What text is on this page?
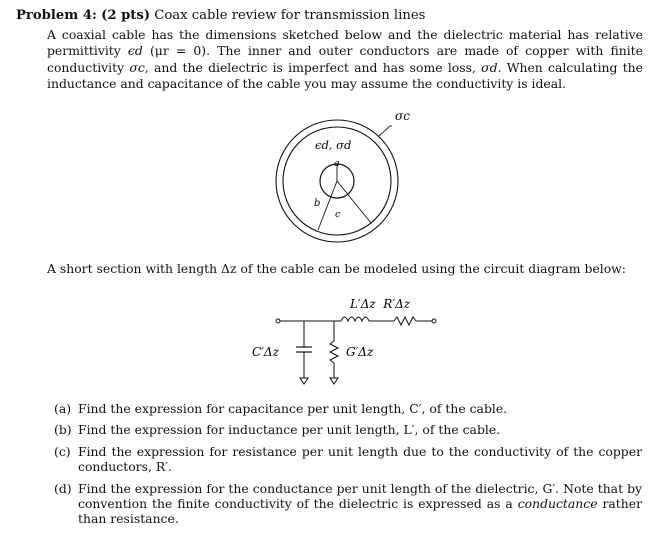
Problem 4: (2 pts) Coax cable review for transmission lines
A coaxial cable has the dimensions sketched below and the dielectric material has relative permittivity ϵd (μr = 0). The inner and outer conductors are made of copper with finite conductivity σc, and the dielectric is imperfect and has some loss, σd. When calculating the inductance and capacitance of the cable you may assume the conductivity is ideal.
σc
ϵd, σd
a
b
c
A short section with length Δz of the cable can be modeled using the circuit diagram below:
L′Δz  R′Δz
C′Δz	G′Δz
(a) Find the expression for capacitance per unit length, C′, of the cable.
(b) Find the expression for inductance per unit length, L′, of the cable.
(c) Find the expression for resistance per unit length due to the conductivity of the copper conductors, R′.
(d) Find the expression for the conductance per unit length of the dielectric, G′. Note that by convention the finite conductivity of the dielectric is expressed as a conductance rather than resistance.
